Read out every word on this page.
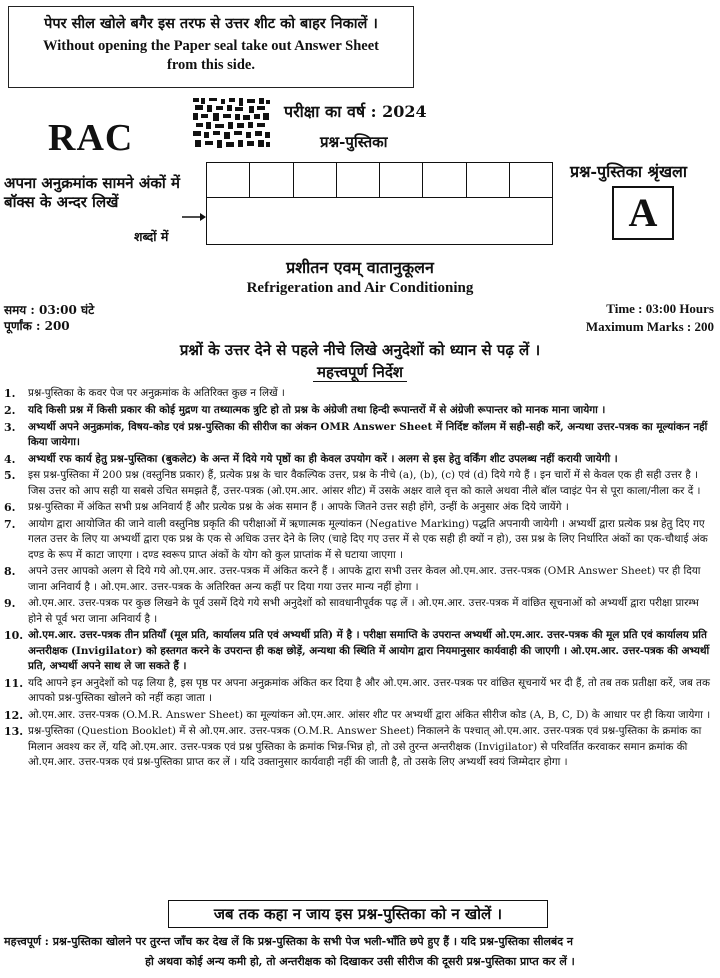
पेपर सील खोले बगैर इस तरफ से उत्तर शीट को बाहर निकालें ।
Without opening the Paper seal take out Answer Sheet
from this side.
RAC
परीक्षा का वर्ष : 2024
प्रश्न-पुस्तिका
अपना अनुक्रमांक सामने अंकों में
बॉक्स के अन्दर लिखें
शब्दों में
प्रश्न-पुस्तिका श्रृंखला
A
प्रशीतन एवम् वातानुकूलन
Refrigeration and Air Conditioning
समय : 03:00 घंटे
पूर्णांक : 200
Time : 03:00 Hours
Maximum Marks : 200
प्रश्नों के उत्तर देने से पहले नीचे लिखे अनुदेशों को ध्यान से पढ़ लें ।
महत्त्वपूर्ण निर्देश
1.	प्रश्न-पुस्तिका के कवर पेज पर अनुक्रमांक के अतिरिक्त कुछ न लिखें ।
2.	यदि किसी प्रश्न में किसी प्रकार की कोई मुद्रण या तथ्यात्मक त्रुटि हो तो प्रश्न के अंग्रेजी तथा हिन्दी रूपान्तरों में से अंग्रेजी रूपान्तर को मानक माना जायेगा ।
3.	अभ्यर्थी अपने अनुक्रमांक, विषय-कोड एवं प्रश्न-पुस्तिका की सीरीज का अंकन OMR Answer Sheet में निर्दिष्ट कॉलम में सही-सही करें, अन्यथा उत्तर-पत्रक का मूल्यांकन नहीं किया जायेगा।
4.	अभ्यर्थी रफ कार्य हेतु प्रश्न-पुस्तिका (बुकलेट) के अन्त में दिये गये पृष्ठों का ही केवल उपयोग करें । अलग से इस हेतु वर्किंग शीट उपलब्ध नहीं करायी जायेगी ।
5.	इस प्रश्न-पुस्तिका में 200 प्रश्न (वस्तुनिष्ठ प्रकार) हैं, प्रत्येक प्रश्न के चार वैकल्पिक उत्तर, प्रश्न के नीचे (a), (b), (c) एवं (d) दिये गये हैं । इन चारों में से केवल एक ही सही उत्तर है । जिस उत्तर को आप सही या सबसे उचित समझते हैं, उत्तर-पत्रक (ओ.एम.आर. आंसर शीट) में उसके अक्षर वाले वृत्त को काले अथवा नीले बॉल प्वाइंट पेन से पूरा काला/नीला कर दें ।
6.	प्रश्न-पुस्तिका में अंकित सभी प्रश्न अनिवार्य हैं और प्रत्येक प्रश्न के अंक समान हैं । आपके जितने उत्तर सही होंगे, उन्हीं के अनुसार अंक दिये जायेंगे ।
7.	आयोग द्वारा आयोजित की जाने वाली वस्तुनिष्ठ प्रकृति की परीक्षाओं में ऋणात्मक मूल्यांकन (Negative Marking) पद्धति अपनायी जायेगी । अभ्यर्थी द्वारा प्रत्येक प्रश्न हेतु दिए गए गलत उत्तर के लिए या अभ्यर्थी द्वारा एक प्रश्न के एक से अधिक उत्तर देने के लिए (चाहे दिए गए उत्तर में से एक सही ही क्यों न हो), उस प्रश्न के लिए निर्धारित अंकों का एक-चौथाई अंक दण्ड के रूप में काटा जाएगा । दण्ड स्वरूप प्राप्त अंकों के योग को कुल प्राप्तांक में से घटाया जाएगा ।
8.	अपने उत्तर आपको अलग से दिये गये ओ.एम.आर. उत्तर-पत्रक में अंकित करने हैं । आपके द्वारा सभी उत्तर केवल ओ.एम.आर. उत्तर-पत्रक (OMR Answer Sheet) पर ही दिया जाना अनिवार्य है । ओ.एम.आर. उत्तर-पत्रक के अतिरिक्त अन्य कहीं पर दिया गया उत्तर मान्य नहीं होगा ।
9.	ओ.एम.आर. उत्तर-पत्रक पर कुछ लिखने के पूर्व उसमें दिये गये सभी अनुदेशों को सावधानीपूर्वक पढ़ लें । ओ.एम.आर. उत्तर-पत्रक में वांछित सूचनाओं को अभ्यर्थी द्वारा परीक्षा प्रारम्भ होने से पूर्व भरा जाना अनिवार्य है ।
10. ओ.एम.आर. उत्तर-पत्रक तीन प्रतियाँ (मूल प्रति, कार्यालय प्रति एवं अभ्यर्थी प्रति) में है । परीक्षा समाप्ति के उपरान्त अभ्यर्थी ओ.एम.आर. उत्तर-पत्रक की मूल प्रति एवं कार्यालय प्रति अन्तरीक्षक (Invigilator) को हस्तगत करने के उपरान्त ही कक्ष छोड़ें, अन्यथा की स्थिति में आयोग द्वारा नियमानुसार कार्यवाही की जाएगी । ओ.एम.आर. उत्तर-पत्रक की अभ्यर्थी प्रति, अभ्यर्थी अपने साथ ले जा सकते हैं ।
11. यदि आपने इन अनुदेशों को पढ़ लिया है, इस पृष्ठ पर अपना अनुक्रमांक अंकित कर दिया है और ओ.एम.आर. उत्तर-पत्रक पर वांछित सूचनायें भर दी हैं, तो तब तक प्रतीक्षा करें, जब तक आपको प्रश्न-पुस्तिका खोलने को नहीं कहा जाता ।
12. ओ.एम.आर. उत्तर-पत्रक (O.M.R. Answer Sheet) का मूल्यांकन ओ.एम.आर. आंसर शीट पर अभ्यर्थी द्वारा अंकित सीरीज कोड (A, B, C, D) के आधार पर ही किया जायेगा ।
13. प्रश्न-पुस्तिका (Question Booklet) में से ओ.एम.आर. उत्तर-पत्रक (O.M.R. Answer Sheet) निकालने के पश्चात् ओ.एम.आर. उत्तर-पत्रक एवं प्रश्न-पुस्तिका के क्रमांक का मिलान अवश्य कर लें, यदि ओ.एम.आर. उत्तर-पत्रक एवं प्रश्न पुस्तिका के क्रमांक भिन्न-भिन्न हो, तो उसे तुरन्त अन्तरीक्षक (Invigilator) से परिवर्तित करवाकर समान क्रमांक की ओ.एम.आर. उत्तर-पत्रक एवं प्रश्न-पुस्तिका प्राप्त कर लें । यदि उक्तानुसार कार्यवाही नहीं की जाती है, तो उसके लिए अभ्यर्थी स्वयं जिम्मेदार होगा ।
जब तक कहा न जाय इस प्रश्न-पुस्तिका को न खोलें ।
महत्त्वपूर्ण : प्रश्न-पुस्तिका खोलने पर तुरन्त जाँच कर देख लें कि प्रश्न-पुस्तिका के सभी पेज भली-भाँति छपे हुए हैं । यदि प्रश्न-पुस्तिका सीलबंद न
हो अथवा कोई अन्य कमी हो, तो अन्तरीक्षक को दिखाकर उसी सीरीज की दूसरी प्रश्न-पुस्तिका प्राप्त कर लें ।
